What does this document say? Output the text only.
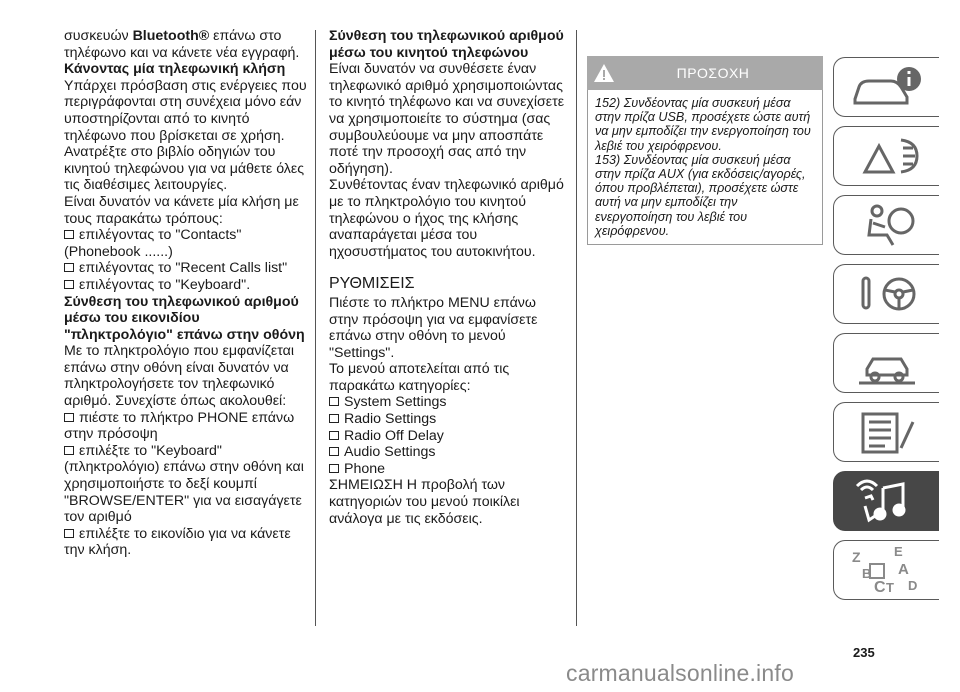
συσκευών Bluetooth® επάνω στο

τηλέφωνο και να κάνετε νέα εγγραφή.

Κάνοντας μία τηλεφωνική κλήση

Υπάρχει πρόσβαση στις ενέργειες που περιγράφονται στη συνέχεια μόνο εάν υποστηρίζονται από το κινητό τηλέφωνο που βρίσκεται σε χρήση.

Ανατρέξτε στο βιβλίο οδηγιών του κινητού τηλεφώνου για να μάθετε όλες τις διαθέσιμες λειτουργίες.

Είναι δυνατόν να κάνετε μία κλήση με τους παρακάτω τρόπους:

επιλέγοντας το "Contacts"

(Phonebook ......)

επιλέγοντας το "Recent Calls list"

επιλέγοντας το "Keyboard".

Σύνθεση του τηλεφωνικού αριθμού μέσω του εικονιδίου "πληκτρολόγιο" επάνω στην οθόνη

Με το πληκτρολόγιο που εμφανίζεται επάνω στην οθόνη είναι δυνατόν να πληκτρολογήσετε τον τηλεφωνικό αριθμό. Συνεχίστε όπως ακολουθεί:

πιέστε το πλήκτρο PHONE επάνω

στην πρόσοψη

επιλέξτε το "Keyboard"

(πληκτρολόγιο) επάνω στην οθόνη και χρησιμοποιήστε το δεξί κουμπί "BROWSE/ENTER" για να εισαγάγετε τον αριθμό

επιλέξτε το εικονίδιο για να κάνετε

την κλήση.

Σύνθεση του τηλεφωνικού αριθμού μέσω του κινητού τηλεφώνου

Είναι δυνατόν να συνθέσετε έναν τηλεφωνικό αριθμό χρησιμοποιώντας το κινητό τηλέφωνο και να συνεχίσετε να χρησιμοποιείτε το σύστημα (σας συμβουλεύουμε να μην αποσπάτε ποτέ την προσοχή σας από την οδήγηση).

Συνθέτοντας έναν τηλεφωνικό αριθμό με το πληκτρολόγιο του κινητού τηλεφώνου ο ήχος της κλήσης αναπαράγεται μέσα του ηχοσυστήματος του αυτοκινήτου.

ΡΥΘΜΙΣΕΙΣ

Πιέστε το πλήκτρο MENU επάνω στην πρόσοψη για να εμφανίσετε επάνω στην οθόνη το μενού "Settings".

Το μενού αποτελείται από τις παρακάτω κατηγορίες:

System Settings

Radio Settings

Radio Off Delay

Audio Settings

Phone

ΣΗΜΕΙΩΣΗ Η προβολή των κατηγοριών του μενού ποικίλει ανάλογα με τις εκδόσεις.

ΠΡΟΣΟΧΗ

152) Συνδέοντας μία συσκευή μέσα στην πρίζα USB, προσέχετε ώστε αυτή να μην εμποδίζει την ενεργοποίηση του λεβιέ του χειρόφρενου.

153) Συνδέοντας μία συσκευή μέσα στην πρίζα AUX (για εκδόσεις/αγορές, όπου προβλέπεται), προσέχετε ώστε αυτή να μην εμποδίζει την ενεργοποίηση του λεβιέ του χειρόφρενου.

Z	E
A
B
C T D
235
carmanualsonline.info
